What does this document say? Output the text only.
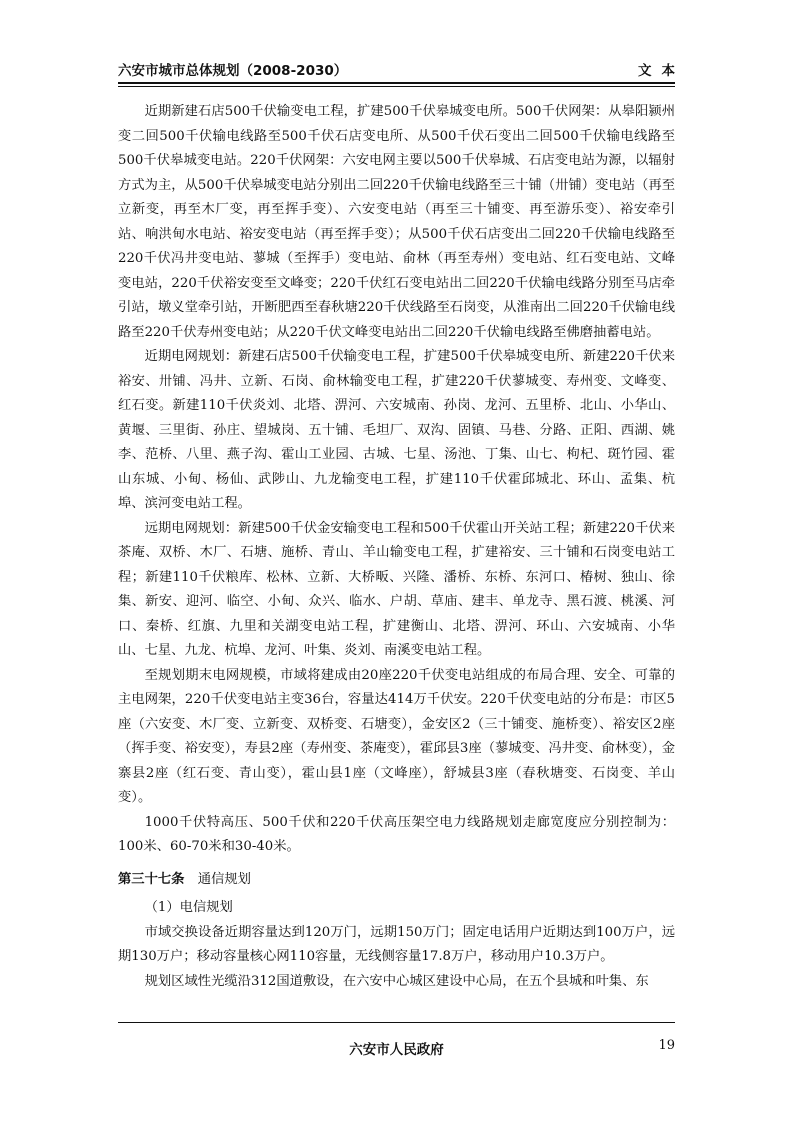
六安市城市总体规划（2008-2030）	文本

近期新建石店500千伏输变电工程，扩建500千伏皋城变电所。500千伏网架：从皋阳颍州变二回500千伏输电线路至500千伏石店变电所、从500千伏石变出二回500千伏输电线路至500千伏皋城变电站。220千伏网架：六安电网主要以500千伏皋城、石店变电站为源，以辐射方式为主，从500千伏皋城变电站分别出二回220千伏输电线路至三十铺（卅铺）变电站（再至立新变，再至木厂变，再至挥手变）、六安变电站（再至三十铺变、再至游乐变）、裕安牵引站、响洪甸水电站、裕安变电站（再至挥手变）；从500千伏石店变出二回220千伏输电线路至220千伏冯井变电站、蓼城（至挥手）变电站、俞林（再至寿州）变电站、红石变电站、文峰变电站，220千伏裕安变至文峰变；220千伏红石变电站出二回220千伏输电线路分别至马店牵引站，墩义堂牵引站，开断肥西至春秋塘220千伏线路至石岗变，从淮南出二回220千伏输电线路至220千伏寿州变电站；从220千伏文峰变电站出二回220千伏输电线路至佛磨抽蓄电站。

近期电网规划：新建石店500千伏输变电工程，扩建500千伏皋城变电所、新建220千伏来裕安、卅铺、冯井、立新、石岗、俞林输变电工程，扩建220千伏蓼城变、寿州变、文峰变、红石变。新建110千伏炎刘、北塔、淠河、六安城南、孙岗、龙河、五里桥、北山、小华山、黄堰、三里街、孙庄、望城岗、五十铺、毛坦厂、双沟、固镇、马巷、分路、正阳、西湖、姚李、范桥、八里、燕子沟、霍山工业园、古城、七星、汤池、丁集、山七、枸杞、斑竹园、霍山东城、小甸、杨仙、武陟山、九龙输变电工程，扩建110千伏霍邱城北、环山、孟集、杭埠、滨河变电站工程。

远期电网规划：新建500千伏金安输变电工程和500千伏霍山开关站工程；新建220千伏来茶庵、双桥、木厂、石塘、施桥、青山、羊山输变电工程，扩建裕安、三十铺和石岗变电站工程；新建110千伏粮库、松林、立新、大桥畈、兴隆、潘桥、东桥、东河口、椿树、独山、徐集、新安、迎河、临空、小甸、众兴、临水、户胡、草庙、建丰、单龙寺、黑石渡、桃溪、河口、秦桥、红旗、九里和关湖变电站工程，扩建衡山、北塔、淠河、环山、六安城南、小华山、七星、九龙、杭埠、龙河、叶集、炎刘、南溪变电站工程。

至规划期末电网规模，市域将建成由20座220千伏变电站组成的布局合理、安全、可靠的主电网架，220千伏变电站主变36台，容量达414万千伏安。220千伏变电站的分布是：市区5座（六安变、木厂变、立新变、双桥变、石塘变），金安区2（三十铺变、施桥变）、裕安区2座（挥手变、裕安变），寿县2座（寿州变、茶庵变），霍邱县3座（蓼城变、冯井变、俞林变），金寨县2座（红石变、青山变），霍山县1座（文峰座），舒城县3座（春秋塘变、石岗变、羊山变）。

1000千伏特高压、500千伏和220千伏高压架空电力线路规划走廊宽度应分别控制为：100米、60-70米和30-40米。

第三十七条 通信规划

（1）电信规划

市域交换设备近期容量达到120万门，远期150万门；固定电话用户近期达到100万户，远期130万户；移动容量核心网110容量，无线侧容量17.8万户，移动用户10.3万户。

规划区域性光缆沿312国道敷设，在六安中心城区建设中心局，在五个县城和叶集、东

六安市人民政府	19
